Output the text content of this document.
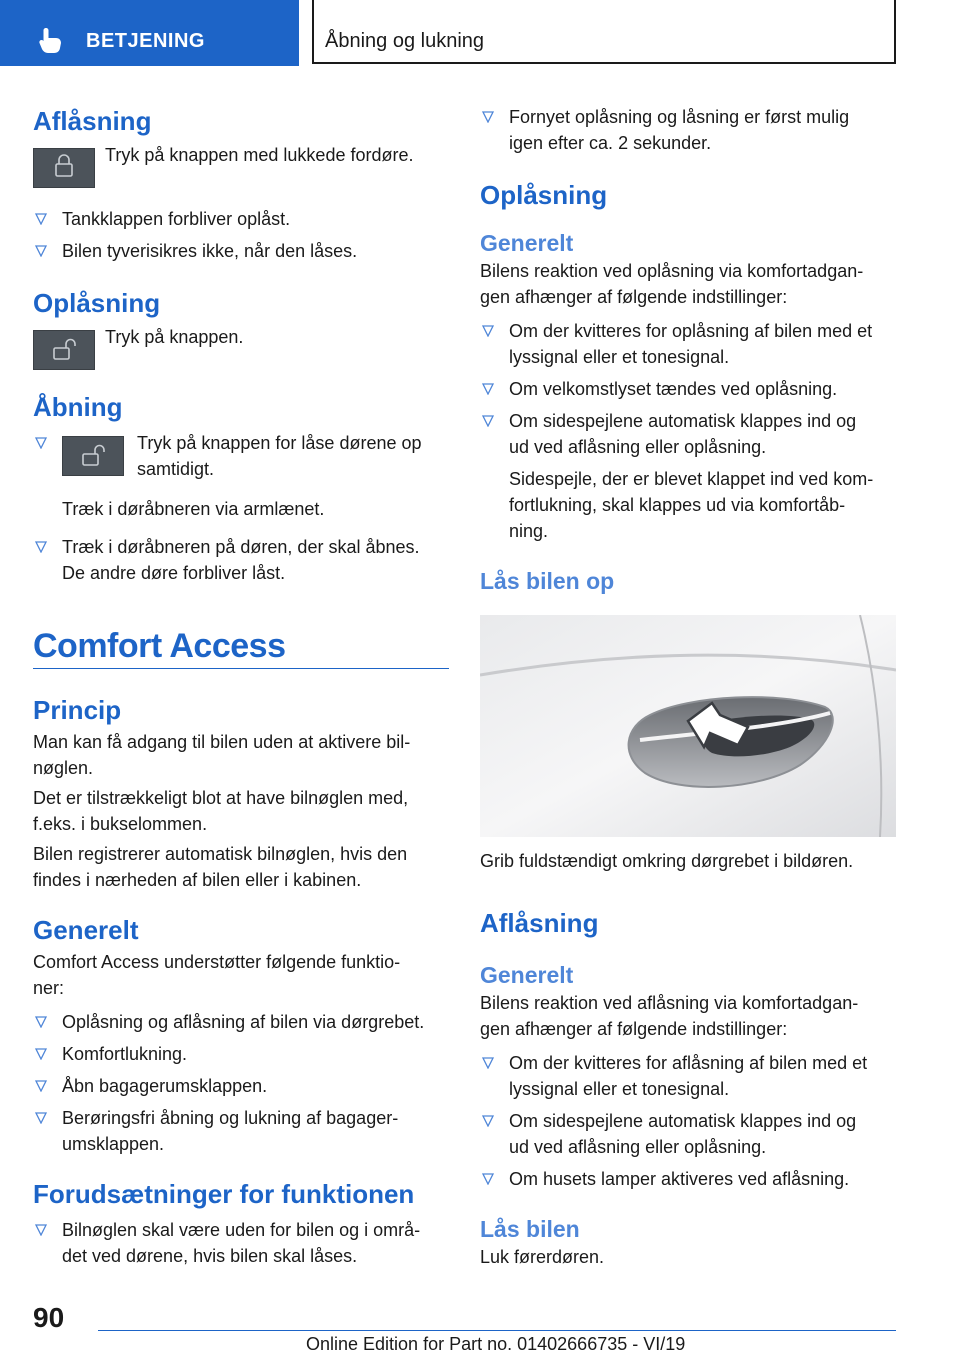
BETJENING	Åbning og lukning
Aflåsning
Tryk på knappen med lukkede fordøre.
Tankklappen forbliver oplåst.
Bilen tyverisikres ikke, når den låses.
Oplåsning
Tryk på knappen.
Åbning
Tryk på knappen for låse dørene op
samtidigt.
Træk i døråbneren via armlænet.
Træk i døråbneren på døren, der skal åbnes.
De andre døre forbliver låst.
Comfort Access
Princip
Man kan få adgang til bilen uden at aktivere bil-
nøglen.
Det er tilstrækkeligt blot at have bilnøglen med,
f.eks. i bukselommen.
Bilen registrerer automatisk bilnøglen, hvis den
findes i nærheden af bilen eller i kabinen.
Generelt
Comfort Access understøtter følgende funktio-
ner:
Oplåsning og aflåsning af bilen via dørgrebet.
Komfortlukning.
Åbn bagagerumsklappen.
Berøringsfri åbning og lukning af bagager-
umsklappen.
Forudsætninger for funktionen
Bilnøglen skal være uden for bilen og i områ-
det ved dørene, hvis bilen skal låses.
Fornyet oplåsning og låsning er først mulig
igen efter ca. 2 sekunder.
Oplåsning
Generelt
Bilens reaktion ved oplåsning via komfortadgan-
gen afhænger af følgende indstillinger:
Om der kvitteres for oplåsning af bilen med et
lyssignal eller et tonesignal.
Om velkomstlyset tændes ved oplåsning.
Om sidespejlene automatisk klappes ind og
ud ved aflåsning eller oplåsning.
Sidespejle, der er blevet klappet ind ved kom-
fortlukning, skal klappes ud via komfortåb-
ning.
Lås bilen op
Grib fuldstændigt omkring dørgrebet i bildøren.
Aflåsning
Generelt
Bilens reaktion ved aflåsning via komfortadgan-
gen afhænger af følgende indstillinger:
Om der kvitteres for aflåsning af bilen med et
lyssignal eller et tonesignal.
Om sidespejlene automatisk klappes ind og
ud ved aflåsning eller oplåsning.
Om husets lamper aktiveres ved aflåsning.
Lås bilen
Luk førerdøren.
90
Online Edition for Part no. 01402666735 - VI/19
